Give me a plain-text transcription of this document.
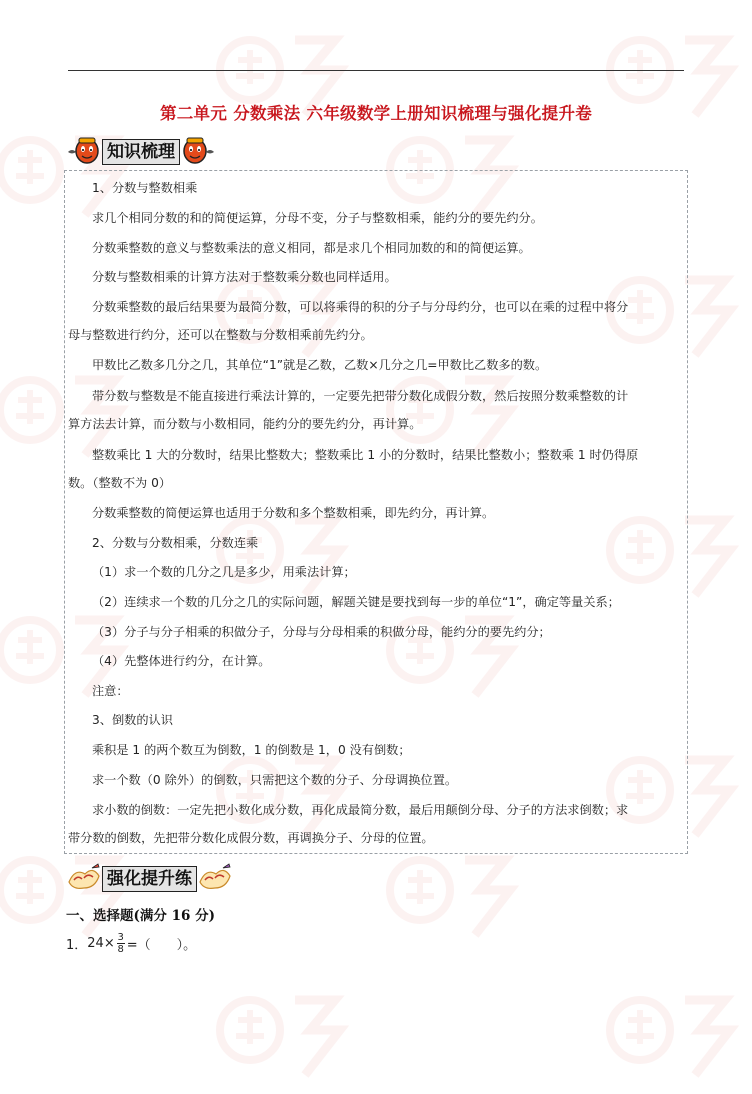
第二单元 分数乘法 六年级数学上册知识梳理与强化提升卷
知识梳理
1、分数与整数相乘
求几个相同分数的和的简便运算，分母不变，分子与整数相乘，能约分的要先约分。
分数乘整数的意义与整数乘法的意义相同，都是求几个相同加数的和的简便运算。
分数与整数相乘的计算方法对于整数乘分数也同样适用。
分数乘整数的最后结果要为最简分数，可以将乘得的积的分子与分母约分，也可以在乘的过程中将分
母与整数进行约分，还可以在整数与分数相乘前先约分。
甲数比乙数多几分之几，其单位“1”就是乙数，乙数×几分之几=甲数比乙数多的数。
带分数与整数是不能直接进行乘法计算的，一定要先把带分数化成假分数，然后按照分数乘整数的计
算方法去计算，而分数与小数相同，能约分的要先约分，再计算。
整数乘比 1 大的分数时，结果比整数大；整数乘比 1 小的分数时，结果比整数小；整数乘 1 时仍得原
数。（整数不为 0）
分数乘整数的简便运算也适用于分数和多个整数相乘，即先约分，再计算。
2、分数与分数相乘，分数连乘
（1）求一个数的几分之几是多少，用乘法计算；
（2）连续求一个数的几分之几的实际问题，解题关键是要找到每一步的单位“1”，确定等量关系；
（3）分子与分子相乘的积做分子，分母与分母相乘的积做分母，能约分的要先约分；
（4）先整体进行约分，在计算。
注意：
3、倒数的认识
乘积是 1 的两个数互为倒数，1 的倒数是 1，0 没有倒数；
求一个数（0 除外）的倒数，只需把这个数的分子、分母调换位置。
求小数的倒数：一定先把小数化成分数，再化成最简分数，最后用颠倒分母、分子的方法求倒数；求
带分数的倒数，先把带分数化成假分数，再调换分子、分母的位置。
强化提升练
一、选择题(满分 16 分)
1． $24\times \frac{3}{8}$ =（　　）。
